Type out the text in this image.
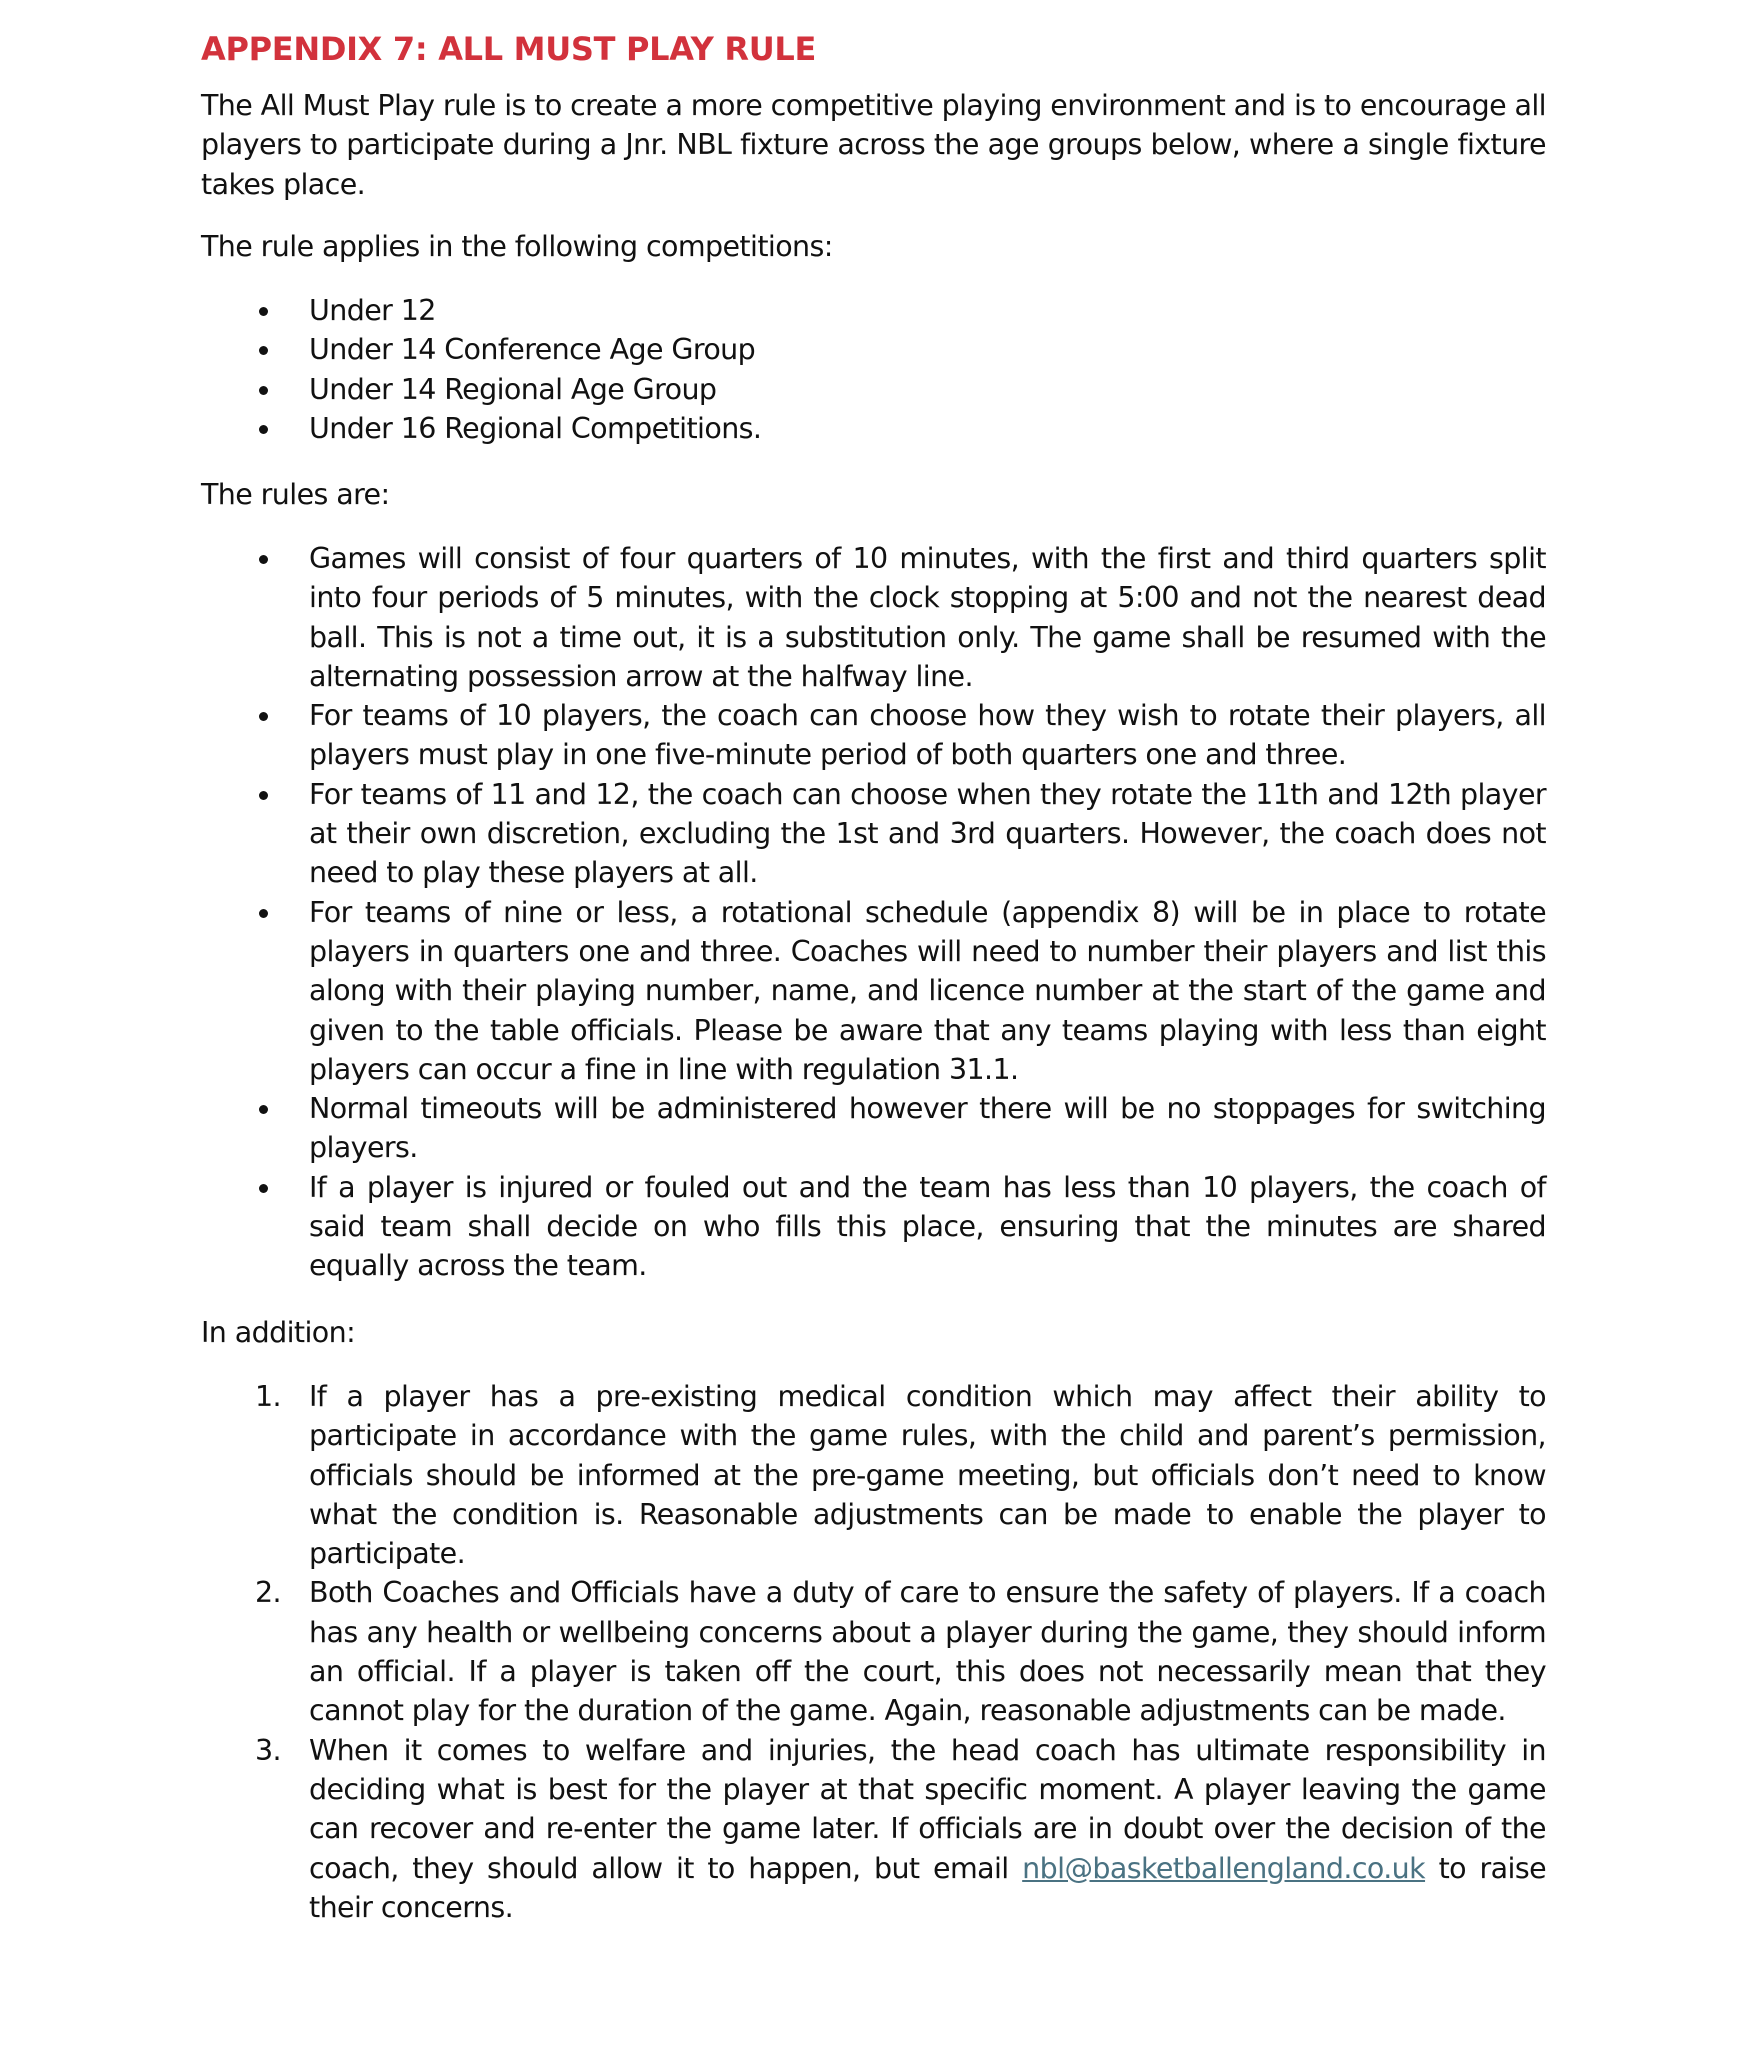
APPENDIX 7: ALL MUST PLAY RULE

The All Must Play rule is to create a more competitive playing environment and is to encourage all players to participate during a Jnr. NBL fixture across the age groups below, where a single fixture takes place.

The rule applies in the following competitions:

Under 12
Under 14 Conference Age Group
Under 14 Regional Age Group
Under 16 Regional Competitions.

The rules are:

Games will consist of four quarters of 10 minutes, with the first and third quarters split into four periods of 5 minutes, with the clock stopping at 5:00 and not the nearest dead ball. This is not a time out, it is a substitution only. The game shall be resumed with the alternating possession arrow at the halfway line.
For teams of 10 players, the coach can choose how they wish to rotate their players, all players must play in one five-minute period of both quarters one and three.
For teams of 11 and 12, the coach can choose when they rotate the 11th and 12th player at their own discretion, excluding the 1st and 3rd quarters. However, the coach does not need to play these players at all.
For teams of nine or less, a rotational schedule (appendix 8) will be in place to rotate players in quarters one and three. Coaches will need to number their players and list this along with their playing number, name, and licence number at the start of the game and given to the table officials. Please be aware that any teams playing with less than eight players can occur a fine in line with regulation 31.1.
Normal timeouts will be administered however there will be no stoppages for switching players.
If a player is injured or fouled out and the team has less than 10 players, the coach of said team shall decide on who fills this place, ensuring that the minutes are shared equally across the team.

In addition:

1. If a player has a pre-existing medical condition which may affect their ability to participate in accordance with the game rules, with the child and parent’s permission, officials should be informed at the pre-game meeting, but officials don’t need to know what the condition is. Reasonable adjustments can be made to enable the player to participate.
2. Both Coaches and Officials have a duty of care to ensure the safety of players. If a coach has any health or wellbeing concerns about a player during the game, they should inform an official. If a player is taken off the court, this does not necessarily mean that they cannot play for the duration of the game. Again, reasonable adjustments can be made.
3. When it comes to welfare and injuries, the head coach has ultimate responsibility in deciding what is best for the player at that specific moment. A player leaving the game can recover and re-enter the game later. If officials are in doubt over the decision of the coach, they should allow it to happen, but email nbl@basketballengland.co.uk to raise their concerns.
